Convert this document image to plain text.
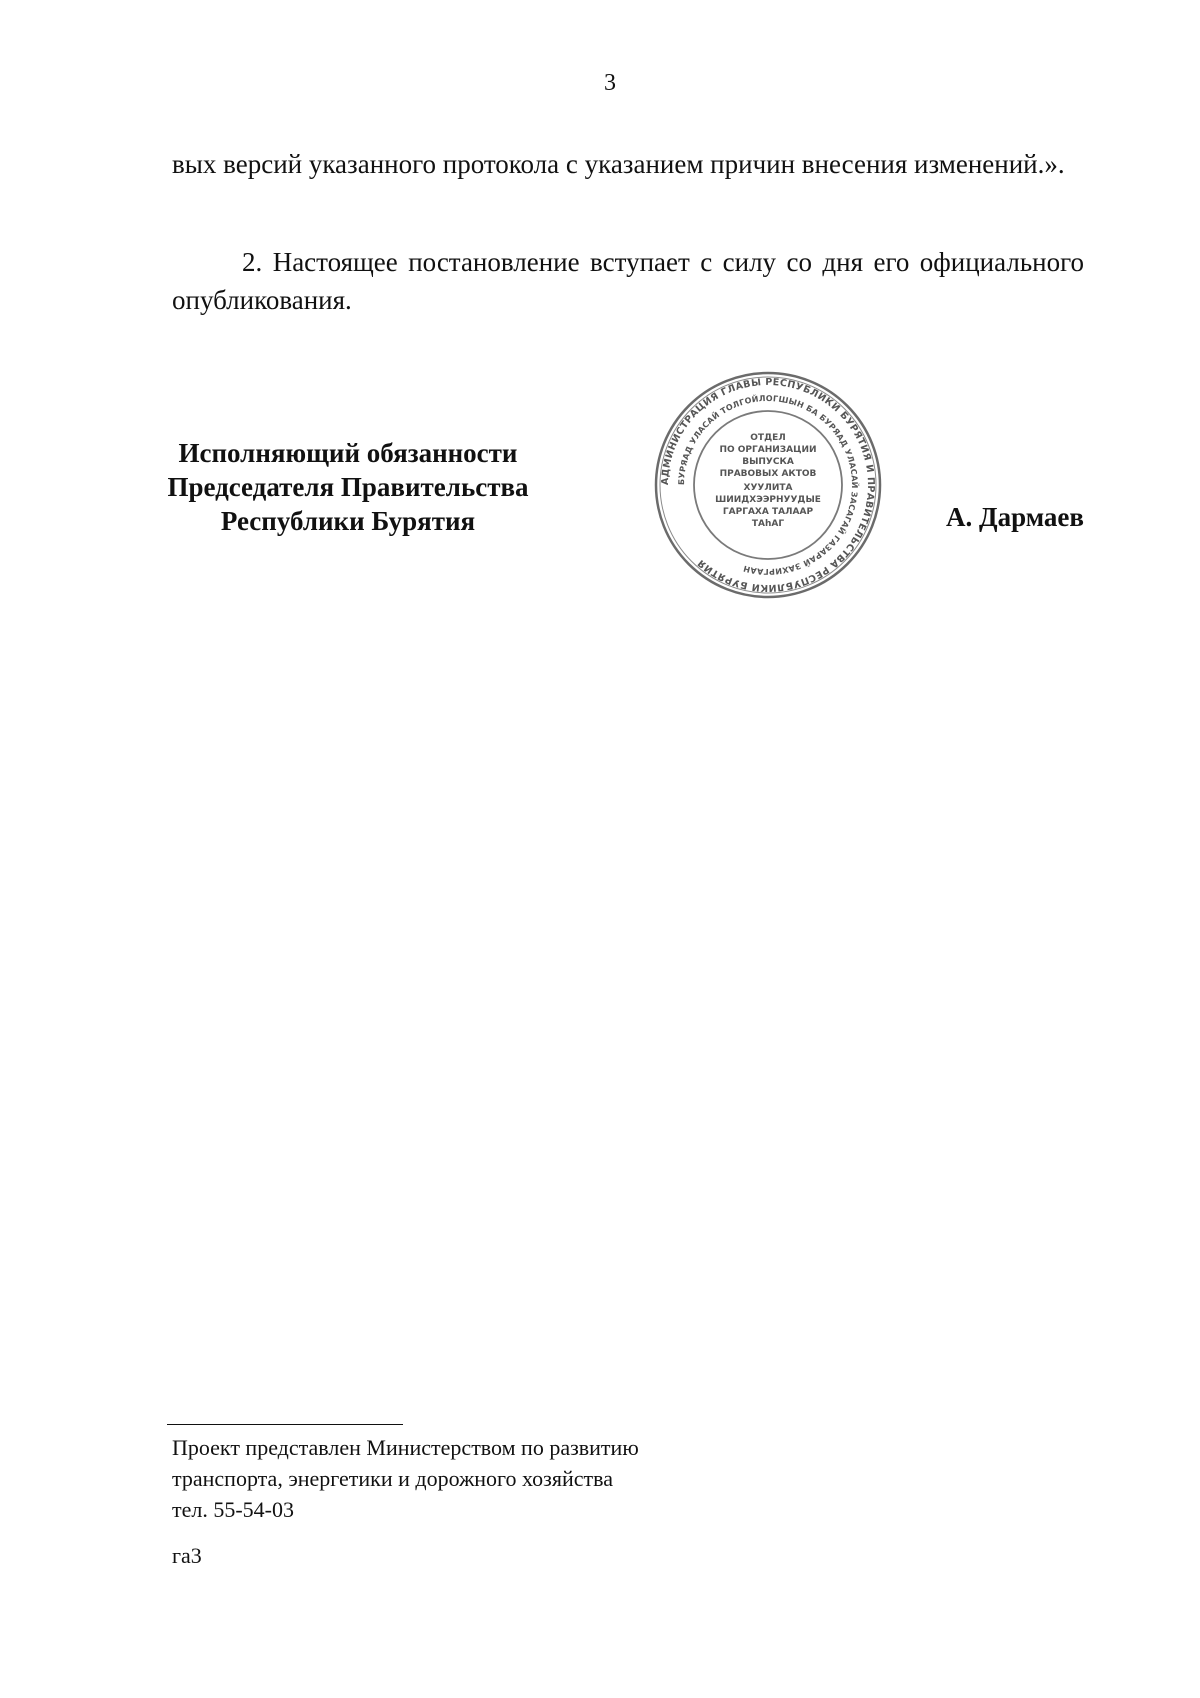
3
вых версий указанного протокола с указанием причин внесения изменений.».
2. Настоящее постановление вступает с силу со дня его официального опубликования.
Исполняющий обязанности
Председателя Правительства
Республики Бурятия
АДМИНИСТРАЦИЯ ГЛАВЫ РЕСПУБЛИКИ БУРЯТИЯ И ПРАВИТЕЛЬСТВА РЕСПУБЛИКИ БУРЯТИЯ
БУРЯАД УЛАСАЙ ТОЛГОЙЛОГШЫН БА БУРЯАД УЛАСАЙ ЗАСАГАЙ ГАЗАРАЙ ЗАХИРГААН
ОТДЕЛ
ПО ОРГАНИЗАЦИИ
ВЫПУСКА
ПРАВОВЫХ АКТОВ
ХУУЛИТА
ШИИДХЭЭРНУУДЫЕ
ГАРГАХА ТАЛААР
ТАhАГ	А. Дармаев
Проект представлен Министерством по развитию
транспорта, энергетики и дорожного хозяйства
тел. 55-54-03
га3
